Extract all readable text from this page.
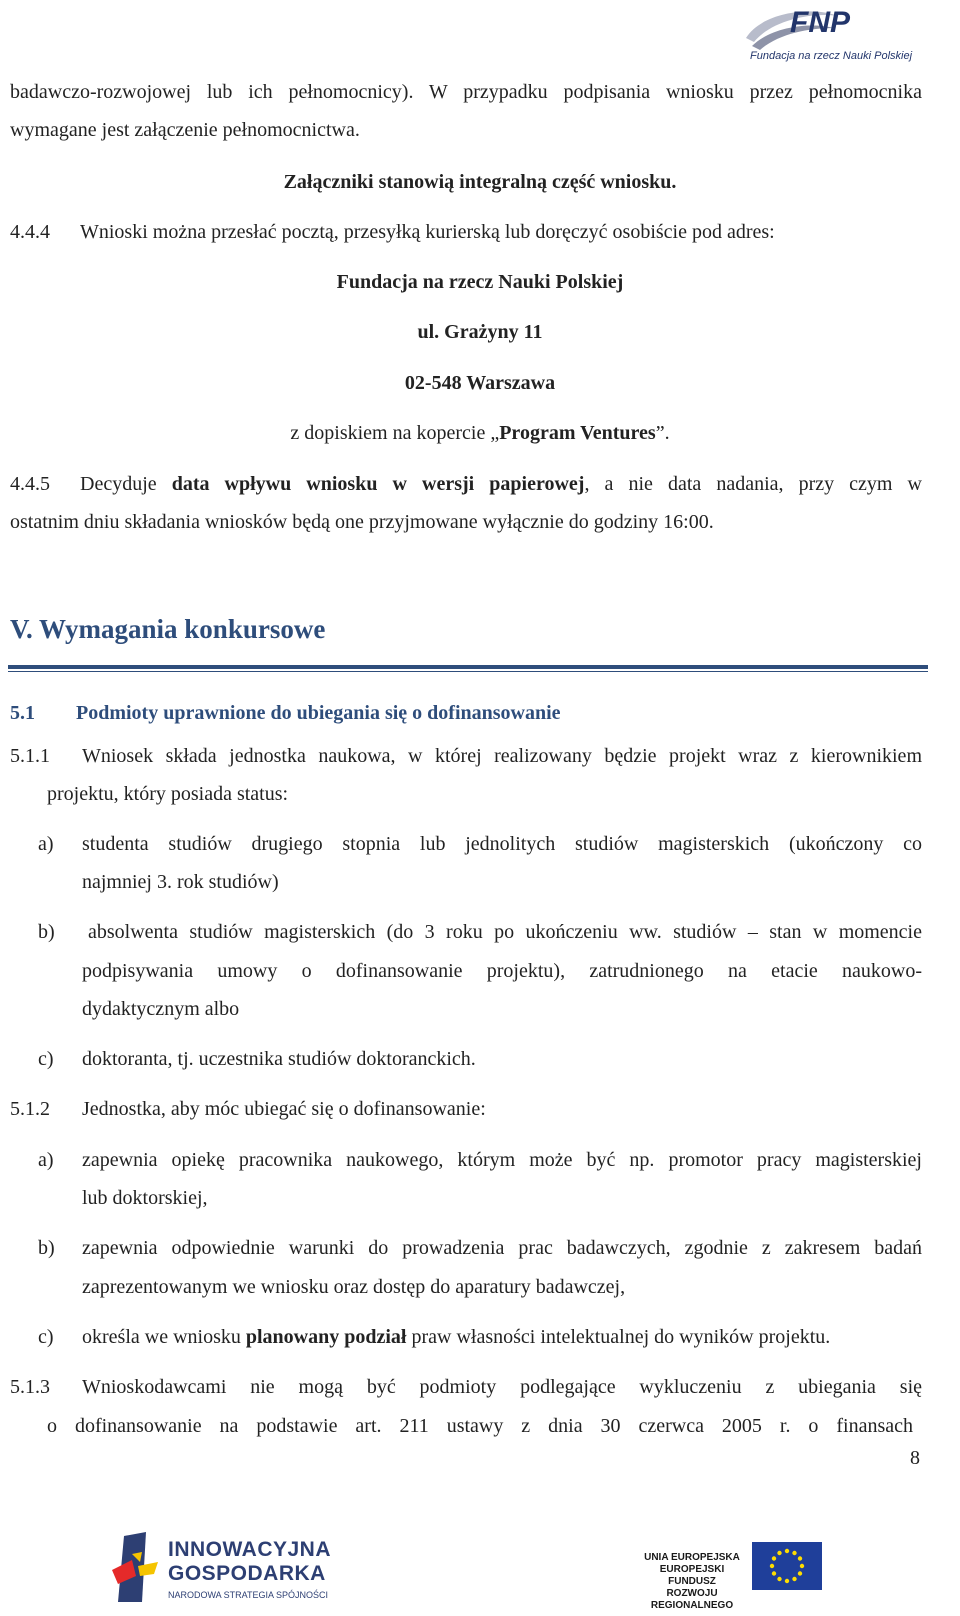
FNP
Fundacja na rzecz Nauki Polskiej
badawczo-rozwojowej lub ich pełnomocnicy). W przypadku podpisania wniosku przez pełnomocnika
wymagane jest załączenie pełnomocnictwa.
Załączniki stanowią integralną część wniosku.
4.4.4 Wnioski można przesłać pocztą, przesyłką kurierską lub doręczyć osobiście pod adres:
Fundacja na rzecz Nauki Polskiej
ul. Grażyny 11
02-548 Warszawa
z dopiskiem na kopercie „Program Ventures”.
4.4.5 Decyduje data wpływu wniosku w wersji papierowej, a nie data nadania, przy czym w
ostatnim dniu składania wniosków będą one przyjmowane wyłącznie do godziny 16:00.
V. Wymagania konkursowe
5.1 Podmioty uprawnione do ubiegania się o dofinansowanie
5.1.1 Wniosek składa jednostka naukowa, w której realizowany będzie projekt wraz z kierownikiem
projektu, który posiada status:
a) studenta studiów drugiego stopnia lub jednolitych studiów magisterskich (ukończony co
najmniej 3. rok studiów)
b) absolwenta studiów magisterskich (do 3 roku po ukończeniu ww. studiów – stan w momencie
podpisywania umowy o dofinansowanie projektu), zatrudnionego na etacie naukowo-
dydaktycznym albo
c) doktoranta, tj. uczestnika studiów doktoranckich.
5.1.2 Jednostka, aby móc ubiegać się o dofinansowanie:
a) zapewnia opiekę pracownika naukowego, którym może być np. promotor pracy magisterskiej
lub doktorskiej,
b) zapewnia odpowiednie warunki do prowadzenia prac badawczych, zgodnie z zakresem badań
zaprezentowanym we wniosku oraz dostęp do aparatury badawczej,
c) określa we wniosku planowany podział praw własności intelektualnej do wyników projektu.
5.1.3 Wnioskodawcami nie mogą być podmioty podlegające wykluczeniu z ubiegania się
o dofinansowanie na podstawie art. 211 ustawy z dnia 30 czerwca 2005 r. o finansach
8
INNOWACYJNA
GOSPODARKA
NARODOWA STRATEGIA SPÓJNOŚCI
UNIA EUROPEJSKA
EUROPEJSKI FUNDUSZ
ROZWOJU REGIONALNEGO
